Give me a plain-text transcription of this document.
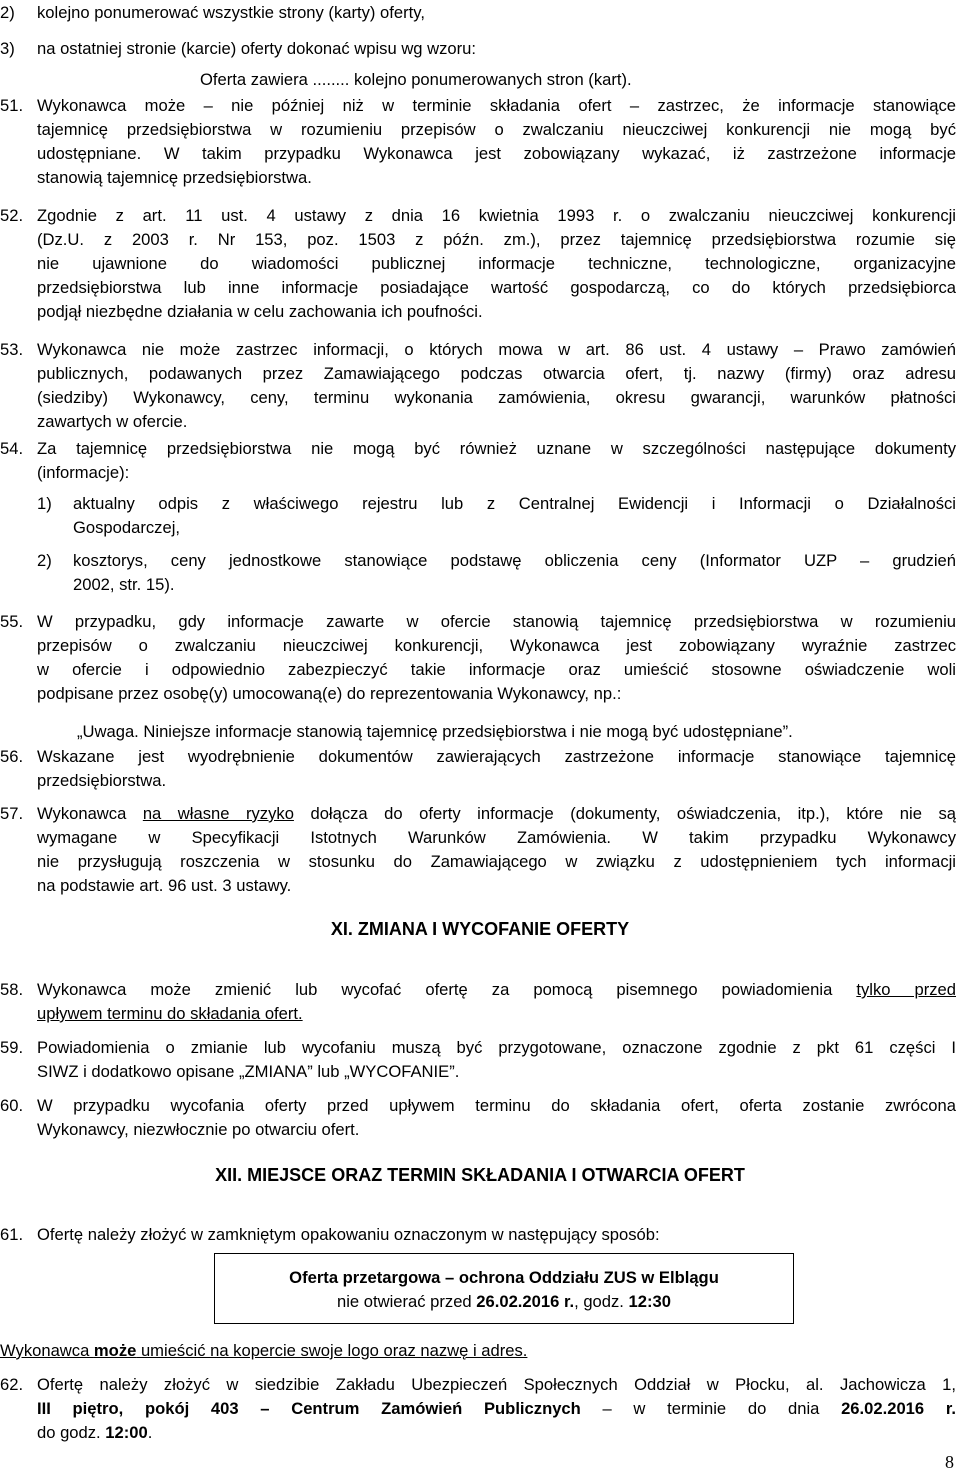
2) kolejno ponumerować wszystkie strony (karty) oferty,
3) na ostatniej stronie (karcie) oferty dokonać wpisu wg wzoru:
Oferta zawiera ........ kolejno ponumerowanych stron (kart).
51. Wykonawca może – nie później niż w terminie składania ofert – zastrzec, że informacje stanowiące
tajemnicę przedsiębiorstwa w rozumieniu przepisów o zwalczaniu nieuczciwej konkurencji nie mogą być
udostępniane. W takim przypadku Wykonawca jest zobowiązany wykazać, iż zastrzeżone informacje
stanowią tajemnicę przedsiębiorstwa.
52. Zgodnie z art. 11 ust. 4 ustawy z dnia 16 kwietnia 1993 r. o zwalczaniu nieuczciwej konkurencji
(Dz.U. z 2003 r. Nr 153, poz. 1503 z późn. zm.), przez tajemnicę przedsiębiorstwa rozumie się
nie ujawnione do wiadomości publicznej informacje techniczne, technologiczne, organizacyjne
przedsiębiorstwa lub inne informacje posiadające wartość gospodarczą, co do których przedsiębiorca
podjął niezbędne działania w celu zachowania ich poufności.
53. Wykonawca nie może zastrzec informacji, o których mowa w art. 86 ust. 4 ustawy – Prawo zamówień
publicznych, podawanych przez Zamawiającego podczas otwarcia ofert, tj. nazwy (firmy) oraz adresu
(siedziby) Wykonawcy, ceny, terminu wykonania zamówienia, okresu gwarancji, warunków płatności
zawartych w ofercie.
54. Za tajemnicę przedsiębiorstwa nie mogą być również uznane w szczególności następujące dokumenty
(informacje):
1) aktualny odpis z właściwego rejestru lub z Centralnej Ewidencji i Informacji o Działalności
Gospodarczej,
2) kosztorys, ceny jednostkowe stanowiące podstawę obliczenia ceny (Informator UZP – grudzień
2002, str. 15).
55. W przypadku, gdy informacje zawarte w ofercie stanowią tajemnicę przedsiębiorstwa w rozumieniu
przepisów o zwalczaniu nieuczciwej konkurencji, Wykonawca jest zobowiązany wyraźnie zastrzec
w ofercie i odpowiednio zabezpieczyć takie informacje oraz umieścić stosowne oświadczenie woli
podpisane przez osobę(y) umocowaną(e) do reprezentowania Wykonawcy, np.:
„Uwaga. Niniejsze informacje stanowią tajemnicę przedsiębiorstwa i nie mogą być udostępniane”.
56. Wskazane jest wyodrębnienie dokumentów zawierających zastrzeżone informacje stanowiące tajemnicę
przedsiębiorstwa.
57. Wykonawca na własne ryzyko dołącza do oferty informacje (dokumenty, oświadczenia, itp.), które nie są
wymagane w Specyfikacji Istotnych Warunków Zamówienia. W takim przypadku Wykonawcy
nie przysługują roszczenia w stosunku do Zamawiającego w związku z udostępnieniem tych informacji
na podstawie art. 96 ust. 3 ustawy.
XI. ZMIANA I WYCOFANIE OFERTY
58. Wykonawca może zmienić lub wycofać ofertę za pomocą pisemnego powiadomienia tylko przed
upływem terminu do składania ofert.
59. Powiadomienia o zmianie lub wycofaniu muszą być przygotowane, oznaczone zgodnie z pkt 61 części I
SIWZ i dodatkowo opisane „ZMIANA” lub „WYCOFANIE”.
60. W przypadku wycofania oferty przed upływem terminu do składania ofert, oferta zostanie zwrócona
Wykonawcy, niezwłocznie po otwarciu ofert.
XII. MIEJSCE ORAZ TERMIN SKŁADANIA I OTWARCIA OFERT
61. Ofertę należy złożyć w zamkniętym opakowaniu oznaczonym w następujący sposób:
Oferta przetargowa – ochrona Oddziału ZUS w Elblągu
nie otwierać przed 26.02.2016 r., godz. 12:30
Wykonawca może umieścić na kopercie swoje logo oraz nazwę i adres.
62. Ofertę należy złożyć w siedzibie Zakładu Ubezpieczeń Społecznych Oddział w Płocku, al. Jachowicza 1,
III piętro, pokój 403 – Centrum Zamówień Publicznych – w terminie do dnia 26.02.2016 r.
do godz. 12:00.
8
